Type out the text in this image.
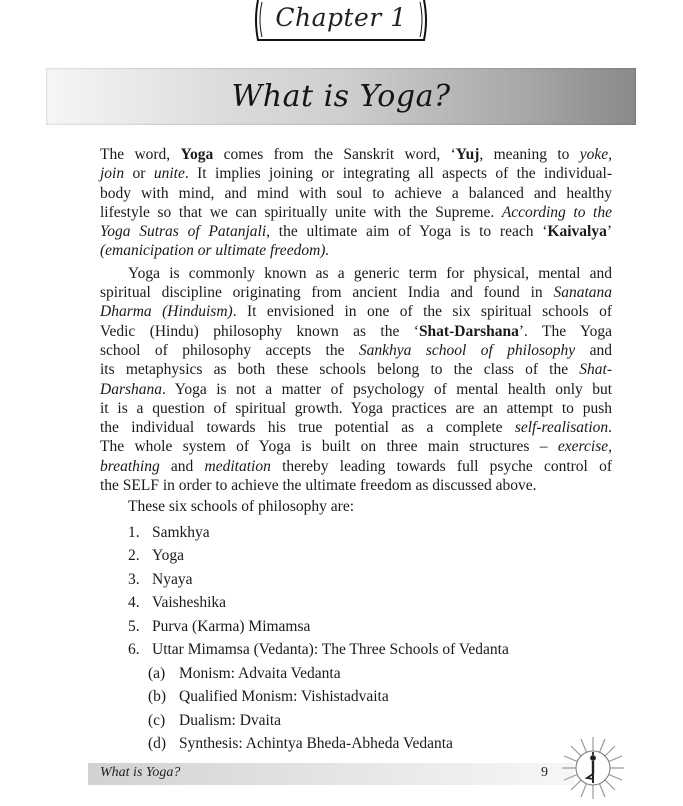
Chapter 1
What is Yoga?

The word, Yoga comes from the Sanskrit word, ‘Yuj, meaning to yoke,
join or unite. It implies joining or integrating all aspects of the individual-
body with mind, and mind with soul to achieve a balanced and healthy
lifestyle so that we can spiritually unite with the Supreme. According to the
Yoga Sutras of Patanjali, the ultimate aim of Yoga is to reach ‘Kaivalya’
(emanicipation or ultimate freedom).

Yoga is commonly known as a generic term for physical, mental and
spiritual discipline originating from ancient India and found in Sanatana
Dharma (Hinduism). It envisioned in one of the six spiritual schools of
Vedic (Hindu) philosophy known as the ‘Shat-Darshana’. The Yoga
school of philosophy accepts the Sankhya school of philosophy and
its metaphysics as both these schools belong to the class of the Shat-
Darshana. Yoga is not a matter of psychology of mental health only but
it is a question of spiritual growth. Yoga practices are an attempt to push
the individual towards his true potential as a complete self-realisation.
The whole system of Yoga is built on three main structures – exercise,
breathing and meditation thereby leading towards full psyche control of
the SELF in order to achieve the ultimate freedom as discussed above.

These six schools of philosophy are:
1. Samkhya
2. Yoga
3. Nyaya
4. Vaisheshika
5. Purva (Karma) Mimamsa
6. Uttar Mimamsa (Vedanta): The Three Schools of Vedanta
(a) Monism: Advaita Vedanta
(b) Qualified Monism: Vishistadvaita
(c) Dualism: Dvaita
(d) Synthesis: Achintya Bheda-Abheda Vedanta
What is Yoga?	9
